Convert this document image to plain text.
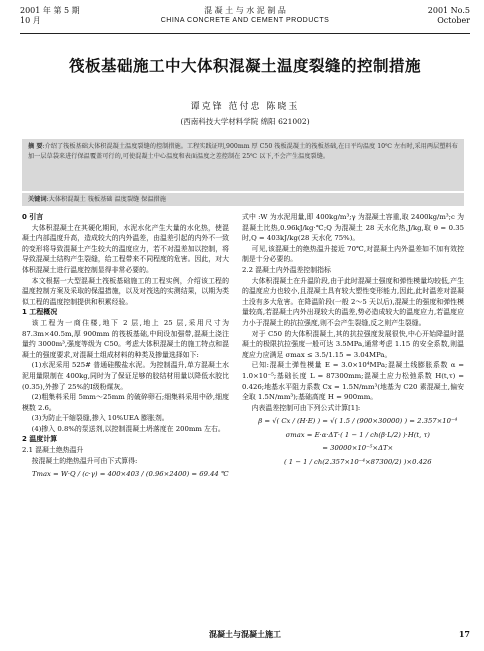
2001 年 第 5 期
10 月
混 凝 土 与 水 泥 制 品
CHINA CONCRETE AND CEMENT PRODUCTS
2001 No.5
October
筏板基础施工中大体积混凝土温度裂缝的控制措施
谭克锋 范付忠 陈晓玉
(西南科技大学材料学院 绵阳 621002)
摘 要:介绍了筏板基础大体积混凝土温度裂缝的控制措施。工程实践证明,900mm 厚 C50 筏板混凝土的筏板基础,在日平均温度 10℃ 左右时,采用两层塑料布加一层草袋来进行保温覆盖可行的,可使混凝土中心温度和表面温度之差控制在 25℃ 以下,不会产生温度裂缝。
关键词:大体积混凝土 筏板基础 温度裂缝 保温措施

0 引言

大体积混凝土在其硬化期间，水泥水化产生大量的水化热，使混凝土内部温度升高，造成较大的内外温差，由温差引起的内外不一致的变形将导致混凝土产生较大的温度应力，若不对温差加以控制，将导致混凝土结构产生裂缝，给工程带来不同程度的危害。因此，对大体积混凝土进行温度控制显得非常必要的。

本文根据一大型混凝土筏板基础施工的工程实例，介绍该工程的温度控制方案及采取的保温措施，以及对筏选的实测结果，以期为类似工程的温度控制提供和积累经验。

1 工程概况

该工程为一商住楼,地下 2 层,地上 25 层,采用尺寸为 87.3m×40.5m,厚 900mm 的筏板基础,中间设加强带,混凝土浇注量约 3000m³,强度等级为 C50。考虑大体积混凝土的施工特点和混凝土的强度要求,对混凝土组成材料的种类及掺量选择如下:

(1)水泥采用 525# 普通硅酸盐水泥。为控制温升,单方混凝土水泥用量限制在 400kg,同时为了保证足够的胶结材用量以降低水胶比(0.35),外掺了 25%的Ⅰ级粉煤灰。

(2)粗集料采用 5mm～25mm 的破碎卵石;细集料采用中砂,细度模数 2.6。

(3)为防止干缩裂缝,掺入 10%UEA 膨胀剂。

(4)掺入 0.8%的泵送剂,以控制混凝土坍落度在 200mm 左右。

2 温度计算

2.1 混凝土绝热温升

按混凝土的绝热温升可由下式算得:

Tmax = W·Q / (c·γ) = 400×403 / (0.96×2400) = 69.44 ℃

式中 :W 为水泥用量,即 400kg/m³;γ 为混凝土容重,取 2400kg/m³;c 为混凝土比热,0.96kJ/kg·℃;Q 为混凝土 28 天水化热,J/kg,取 θ = 0.35 时,Q = 403kJ/kg(28 天水化 75%)。

可见,该混凝土的绝热温升接近 70℃,对混凝土内外温差如不加有效控制是十分必要的。

2.2 混凝土内外温差控制指标

大体积混凝土在升温阶段,由于此时混凝土强度和弹性模量均较低,产生的温度应力也较小,且混凝土具有较大塑性变形能力,因此,此时温差对混凝土没有多大危害。在降温阶段(一般 2～5 天以后),混凝土的强度和弹性模量较高,若混凝土内外出现较大的温差,势必造成较大的温度应力,若温度应力小于混凝土的抗拉强度,则不会产生裂缝,反之则产生裂缝。

对于 C50 的大体积混凝土,其的抗拉强度发展很快,中心开始降温时混凝土的极限抗拉强度一般可达 3.5MPa,通常考虑 1.15 的安全系数,则温度应力应满足 σmax ≤ 3.5/1.15 = 3.04MPa。

已知:混凝土弹性模量 E = 3.0×10⁴MPa;混凝土线膨胀系数 α = 1.0×10⁻⁵;基础长度 L = 87300mm;混凝土应力松弛系数 H(t,τ) = 0.426;地基水平阻力系数 Cx = 1.5N/mm³(地基为 C20 素混凝土,偏安全取 1.5N/mm³);基础高度 H = 900mm。

内表温差控制可由下列公式计算[1]:

β = √( Cx / (H·E) ) = √( 1.5 / (900×30000) ) = 2.357×10⁻⁴

σmax = E·α·ΔT·( 1 − 1 / ch(β·L/2) )·H(t, τ)

= 30000×10⁻⁵×ΔT×

( 1 − 1 / ch(2.357×10⁻⁴×87300/2) )×0.426

混凝土与混凝土施工	17
